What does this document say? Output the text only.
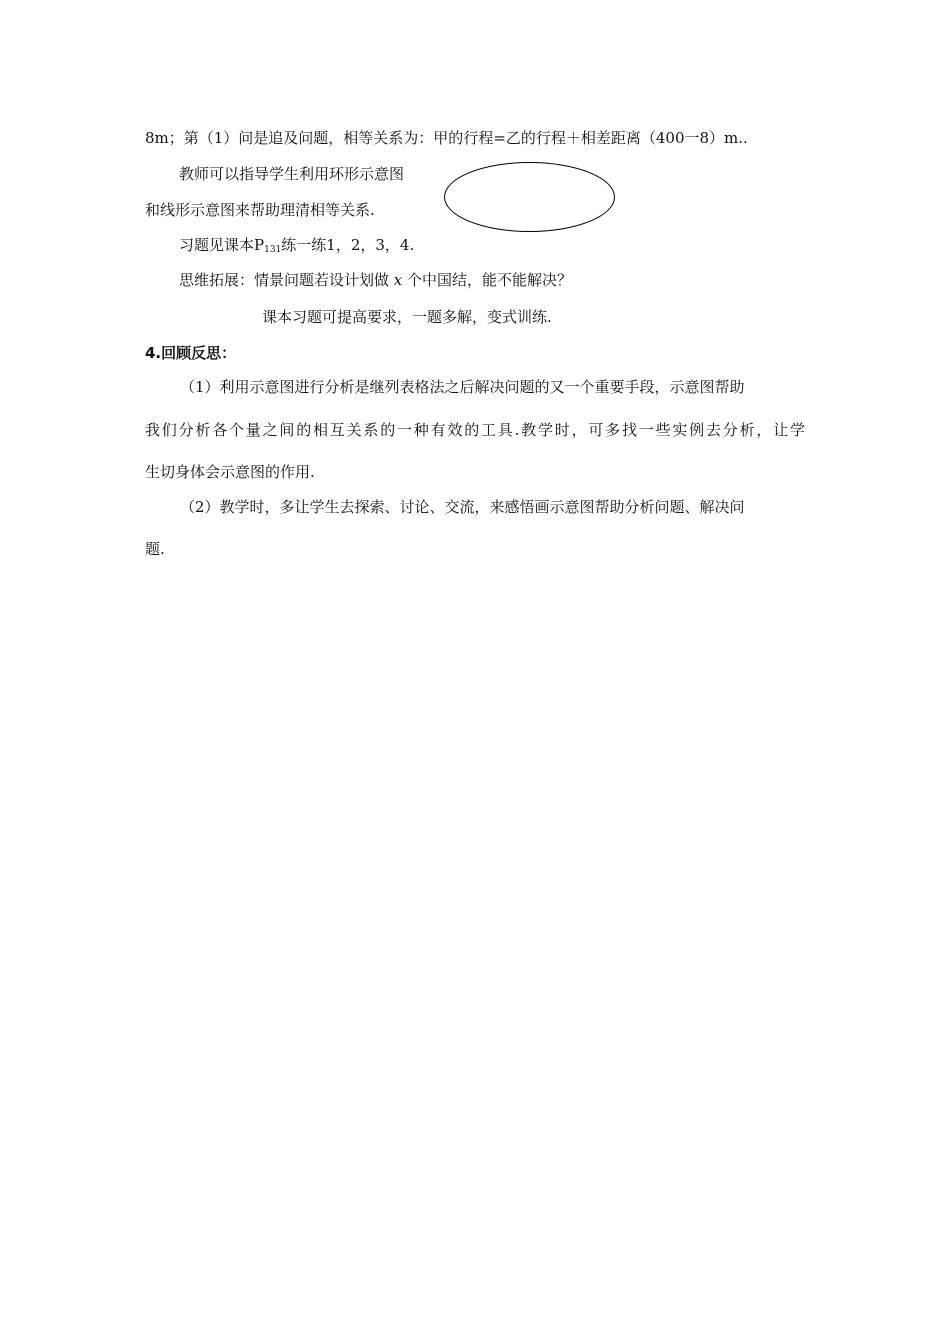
8m；第（1）问是追及问题，相等关系为：甲的行程=乙的行程＋相差距离（400一8）m..
教师可以指导学生利用环形示意图
和线形示意图来帮助理清相等关系.
习题见课本$P_{131}$练一练1，2，3，4.
思维拓展：情景问题若设计划做 x 个中国结，能不能解决？
课本习题可提高要求，一题多解，变式训练.
4.回顾反思：
（1）利用示意图进行分析是继列表格法之后解决问题的又一个重要手段，示意图帮助
我们分析各个量之间的相互关系的一种有效的工具.教学时，可多找一些实例去分析，让学
生切身体会示意图的作用.
（2）教学时，多让学生去探索、讨论、交流，来感悟画示意图帮助分析问题、解决问
题.
